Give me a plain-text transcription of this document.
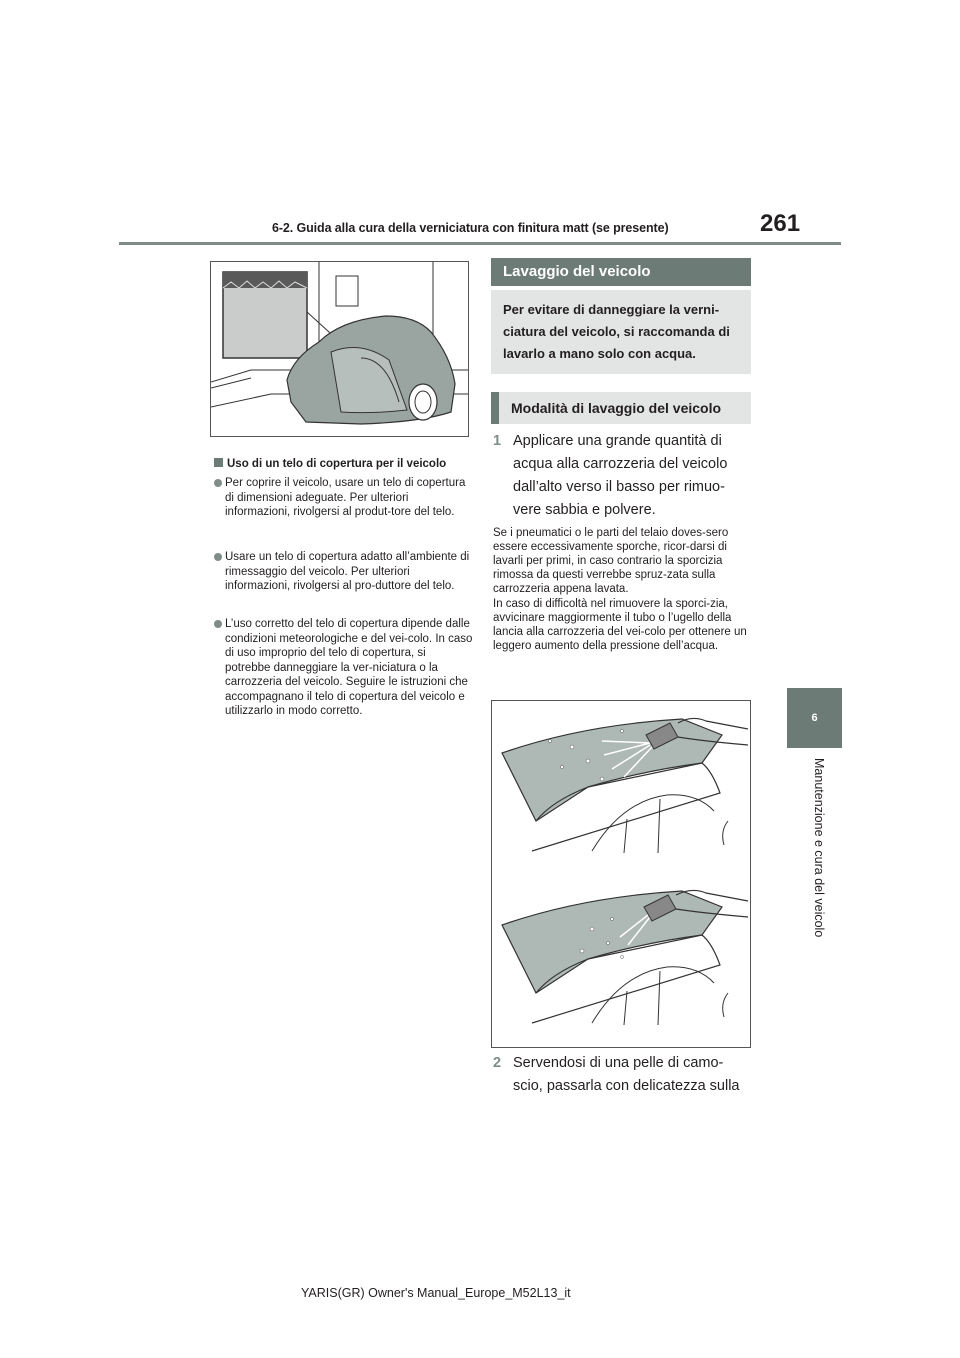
6-2. Guida alla cura della verniciatura con finitura matt (se presente)	261
6
Manutenzione e cura del veicolo
Uso di un telo di copertura per il veicolo
Per coprire il veicolo, usare un telo di copertura di dimensioni adeguate. Per ulteriori informazioni, rivolgersi al produt-tore del telo.
Usare un telo di copertura adatto all’ambiente di rimessaggio del veicolo. Per ulteriori informazioni, rivolgersi al pro-duttore del telo.
L’uso corretto del telo di copertura dipende dalle condizioni meteorologiche e del vei-colo. In caso di uso improprio del telo di copertura, si potrebbe danneggiare la ver-niciatura o la carrozzeria del veicolo. Seguire le istruzioni che accompagnano il telo di copertura del veicolo e utilizzarlo in modo corretto.
Lavaggio del veicolo
Per evitare di danneggiare la verni-ciatura del veicolo, si raccomanda di lavarlo a mano solo con acqua.
Modalità di lavaggio del veicolo
1 Applicare una grande quantità di acqua alla carrozzeria del veicolo dall’alto verso il basso per rimuo-vere sabbia e polvere.
Se i pneumatici o le parti del telaio doves-sero essere eccessivamente sporche, ricor-darsi di lavarli per primi, in caso contrario la sporcizia rimossa da questi verrebbe spruz-zata sulla carrozzeria appena lavata.
In caso di difficoltà nel rimuovere la sporci-zia, avvicinare maggiormente il tubo o l’ugello della lancia alla carrozzeria del vei-colo per ottenere un leggero aumento della pressione dell’acqua.
2 Servendosi di una pelle di camo-scio, passarla con delicatezza sulla
YARIS(GR) Owner's Manual_Europe_M52L13_it
